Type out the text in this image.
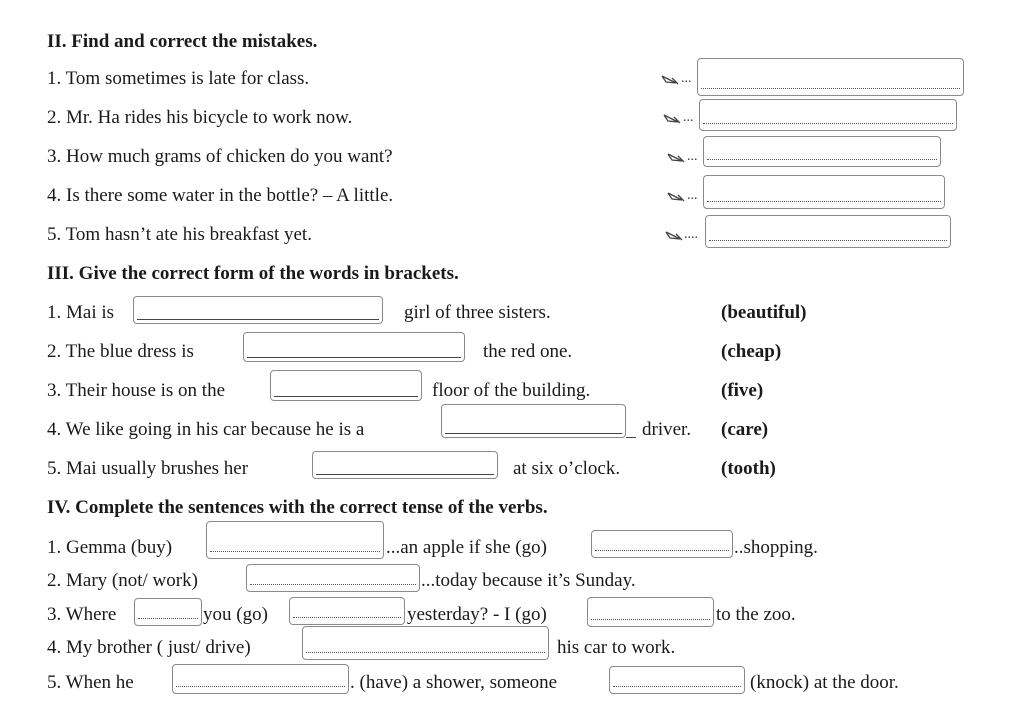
II. Find and correct the mistakes.
1. Tom sometimes is late for class.	...
2. Mr. Ha rides his bicycle to work now.	...
3. How much grams of chicken do you want?	...
4. Is there some water in the bottle? – A little.	...
5. Tom hasn’t ate his breakfast yet.	....
III. Give the correct form of the words in brackets.
1. Mai is	girl of three sisters.	(beautiful)
2. The blue dress is	the red one.	(cheap)
3. Their house is on the	floor of the building.	(five)
4. We like going in his car because he is a	driver. (care)
5. Mai usually brushes her	at six o’clock.	(tooth)
IV. Complete the sentences with the correct tense of the verbs.
1. Gemma (buy)	...an apple if she (go)	..shopping.
2. Mary (not/ work)	...today because it’s Sunday.
3. Where	you (go)	yesterday? - I (go)	to the zoo.
4. My brother ( just/ drive)	his car to work.
5. When he	. (have) a shower, someone	(knock) at the door.
